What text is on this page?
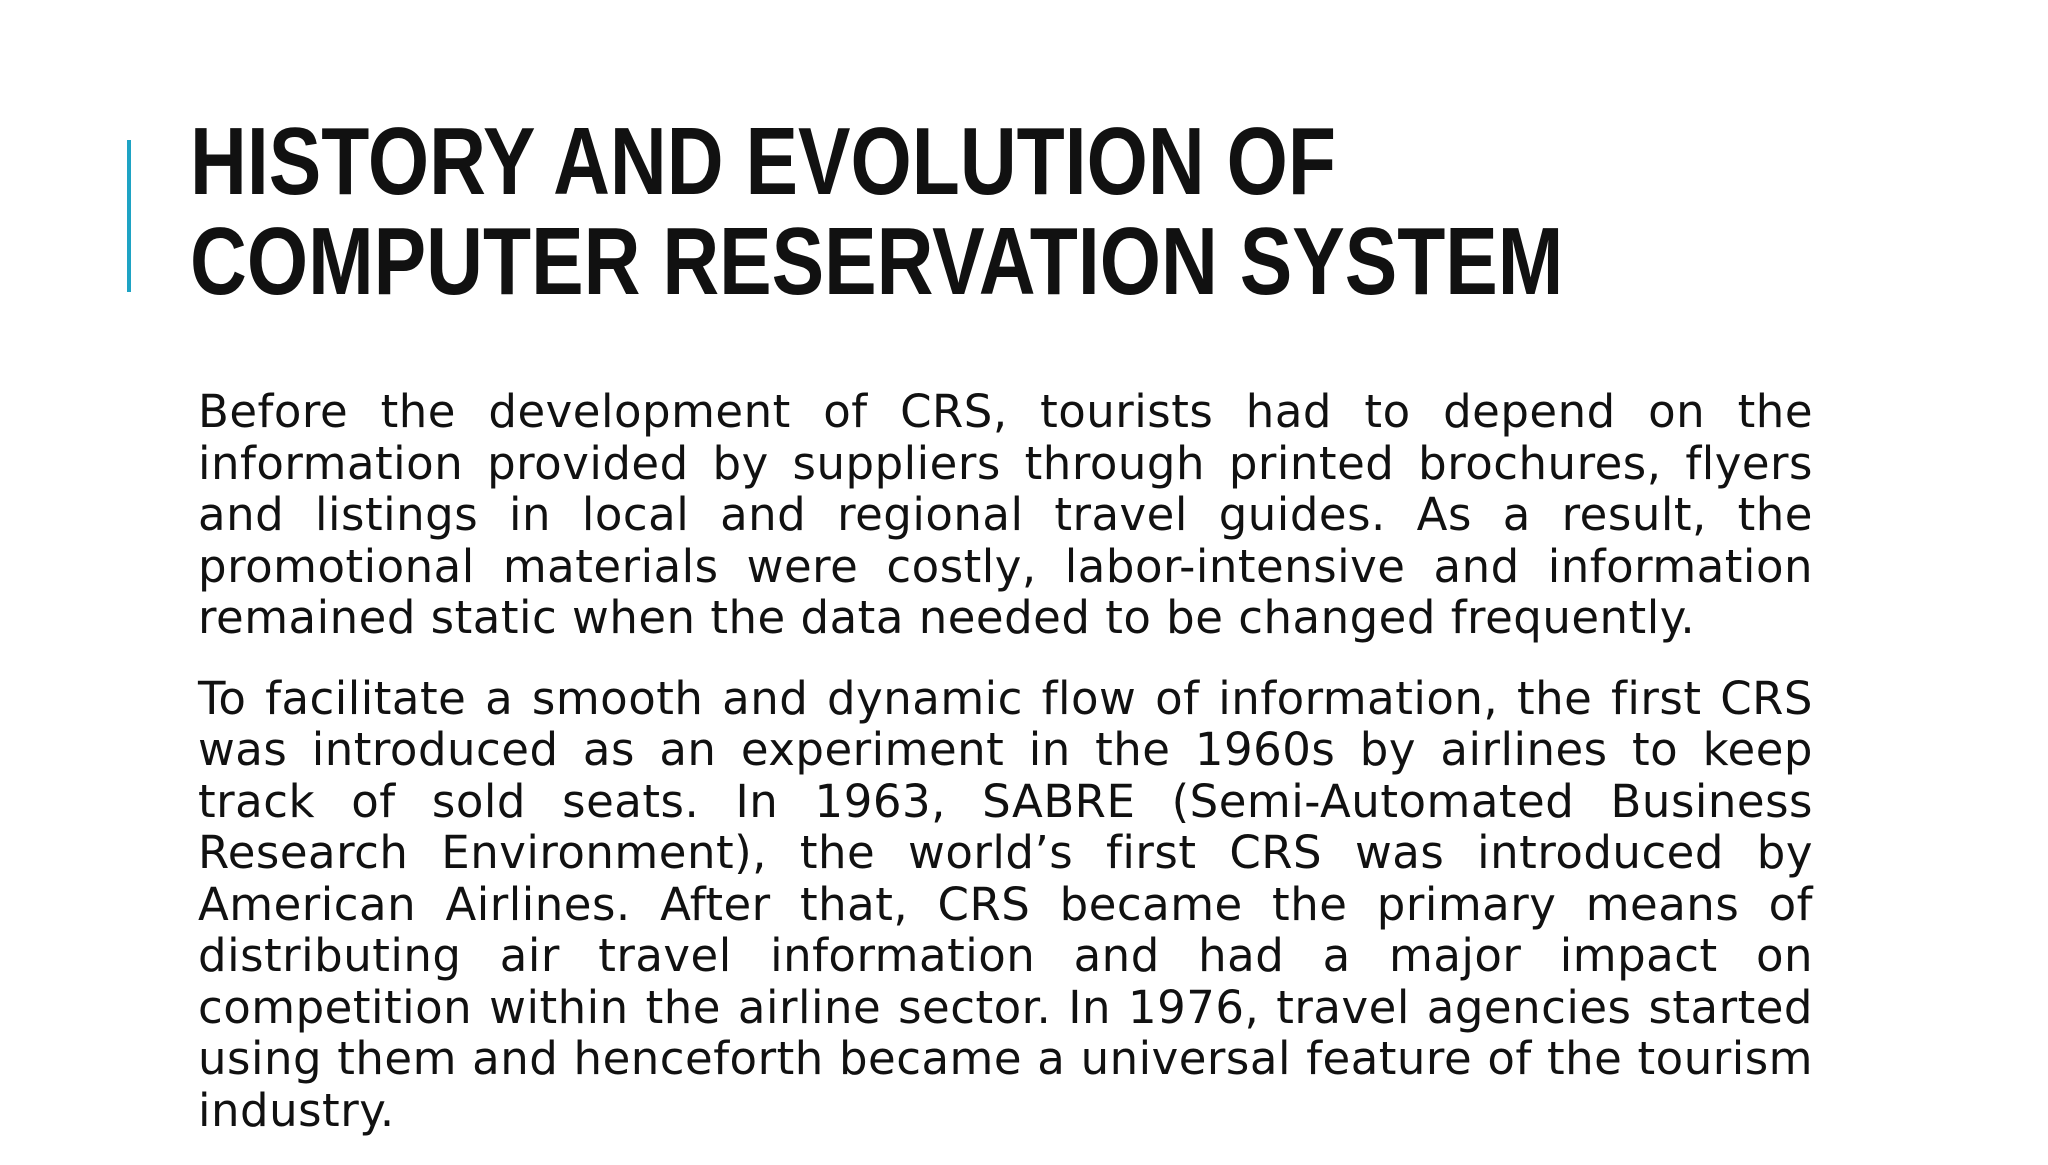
HISTORY AND EVOLUTION OF
COMPUTER RESERVATION SYSTEM

Before the development of CRS, tourists had to depend on the information provided by suppliers through printed brochures, flyers and listings in local and regional travel guides. As a result, the promotional materials were costly, labor-intensive and information remained static when the data needed to be changed frequently.

To facilitate a smooth and dynamic flow of information, the first CRS was introduced as an experiment in the 1960s by airlines to keep track of sold seats. In 1963, SABRE (Semi-Automated Business Research Environment), the world’s first CRS was introduced by American Airlines. After that, CRS became the primary means of distributing air travel information and had a major impact on competition within the airline sector. In 1976, travel agencies started using them and henceforth became a universal feature of the tourism industry.
